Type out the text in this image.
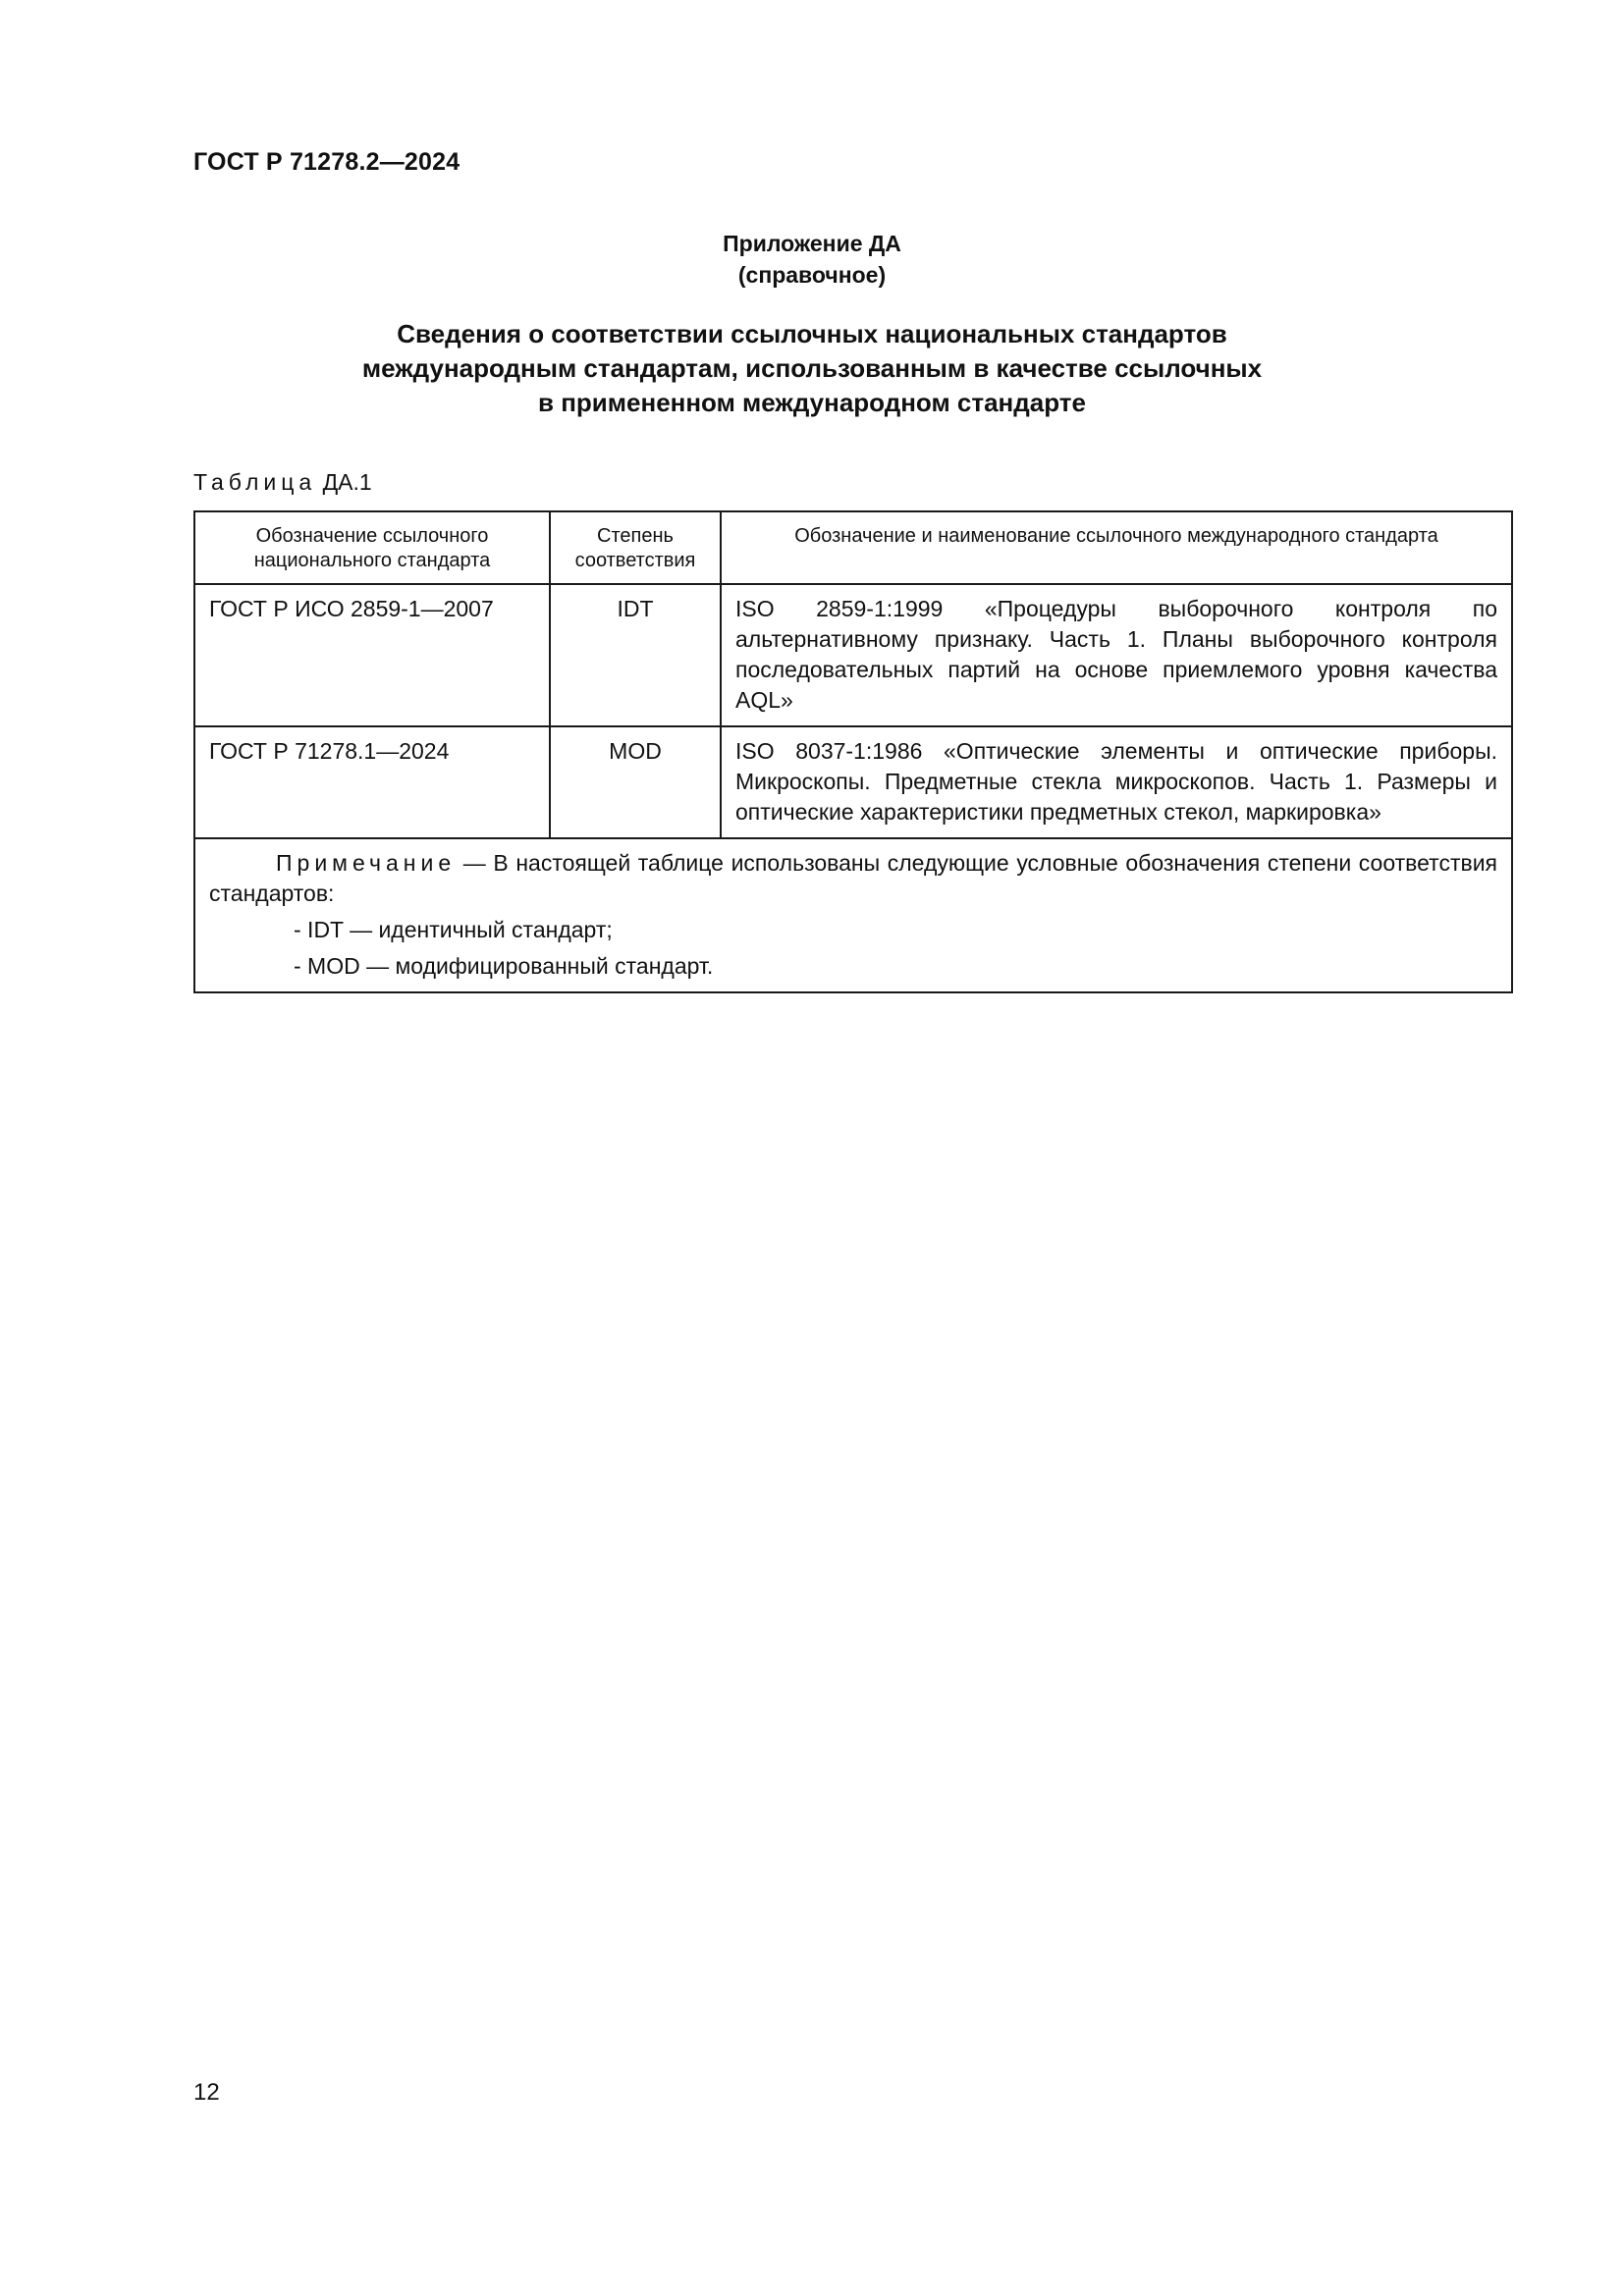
ГОСТ Р 71278.2—2024
Приложение ДА
(справочное)
Сведения о соответствии ссылочных национальных стандартов
международным стандартам, использованным в качестве ссылочных
в примененном международном стандарте
Таблица ДА.1
Обозначение ссылочного национального стандарта	Степень соответствия	Обозначение и наименование ссылочного международного стандарта
ГОСТ Р ИСО 2859-1—2007	IDT	ISO 2859-1:1999 «Процедуры выборочного контроля по альтернативному признаку. Часть 1. Планы выборочного контроля последовательных партий на основе приемлемого уровня качества AQL»
ГОСТ Р 71278.1—2024	MOD	ISO 8037-1:1986 «Оптические элементы и оптические приборы. Микроскопы. Предметные стекла микроскопов. Часть 1. Размеры и оптические характеристики предметных стекол, маркировка»

Примечание — В настоящей таблице использованы следующие условные обозначения степени соответствия стандартов:
- IDT — идентичный стандарт;
- MOD — модифицированный стандарт.		
12
